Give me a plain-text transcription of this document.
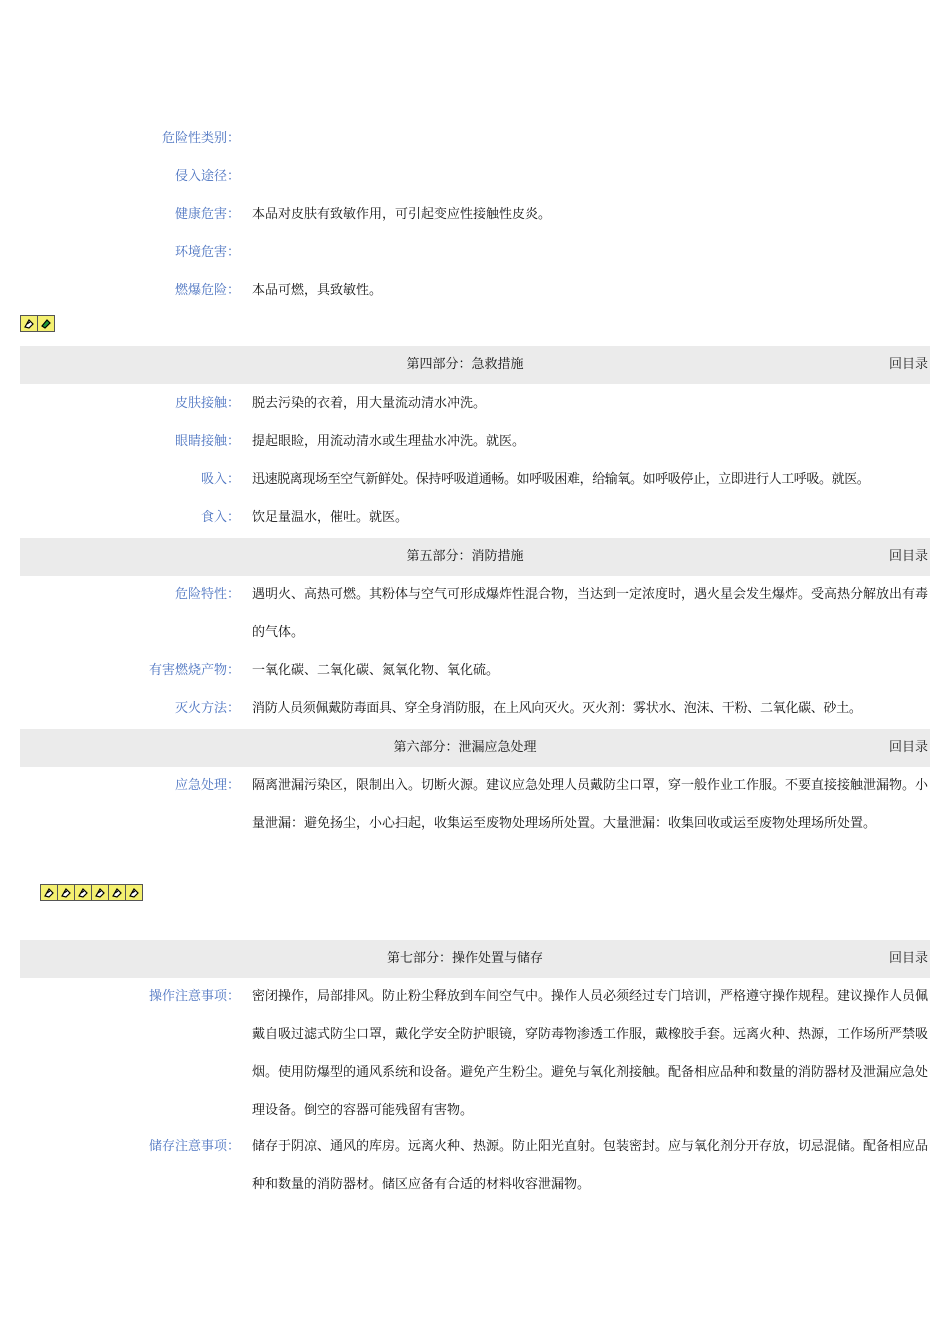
危险性类别：
侵入途径：
健康危害： 本品对皮肤有致敏作用，可引起变应性接触性皮炎。
环境危害：
燃爆危险： 本品可燃，具致敏性。
第四部分：急救措施	回目录
皮肤接触： 脱去污染的衣着，用大量流动清水冲洗。
眼睛接触： 提起眼睑，用流动清水或生理盐水冲洗。就医。
吸入： 迅速脱离现场至空气新鲜处。保持呼吸道通畅。如呼吸困难，给输氧。如呼吸停止，立即进行人工呼吸。就医。
食入： 饮足量温水，催吐。就医。
第五部分：消防措施	回目录
危险特性： 遇明火、高热可燃。其粉体与空气可形成爆炸性混合物，当达到一定浓度时，遇火星会发生爆炸。受高热分解放出有毒的气体。
有害燃烧产物： 一氧化碳、二氧化碳、氮氧化物、氧化硫。
灭火方法： 消防人员须佩戴防毒面具、穿全身消防服，在上风向灭火。灭火剂：雾状水、泡沫、干粉、二氧化碳、砂土。
第六部分：泄漏应急处理	回目录
应急处理： 隔离泄漏污染区，限制出入。切断火源。建议应急处理人员戴防尘口罩，穿一般作业工作服。不要直接接触泄漏物。小量泄漏：避免扬尘，小心扫起，收集运至废物处理场所处置。大量泄漏：收集回收或运至废物处理场所处置。
第七部分：操作处置与储存	回目录
操作注意事项： 密闭操作，局部排风。防止粉尘释放到车间空气中。操作人员必须经过专门培训，严格遵守操作规程。建议操作人员佩戴自吸过滤式防尘口罩，戴化学安全防护眼镜，穿防毒物渗透工作服，戴橡胶手套。远离火种、热源，工作场所严禁吸烟。使用防爆型的通风系统和设备。避免产生粉尘。避免与氧化剂接触。配备相应品种和数量的消防器材及泄漏应急处理设备。倒空的容器可能残留有害物。
储存注意事项： 储存于阴凉、通风的库房。远离火种、热源。防止阳光直射。包装密封。应与氧化剂分开存放，切忌混储。配备相应品种和数量的消防器材。储区应备有合适的材料收容泄漏物。
